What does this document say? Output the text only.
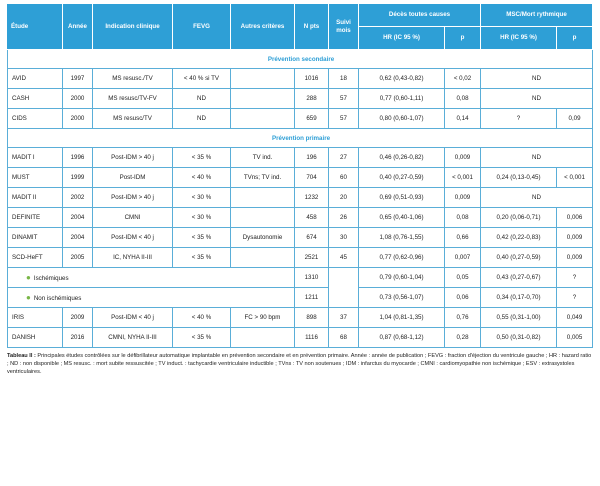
Étude	Année	Indication clinique	FEVG	Autres critères	N pts	Suivi mois	Décès toutes causes		MSC/Mort rythmique	
							HR (IC 95 %)	p	HR (IC 95 %)	p
Prévention secondaire										
AVID	1997	MS resusc./TV	< 40 % si TV		1016	18	0,62 (0,43-0,82)	< 0,02	ND	
CASH	2000	MS resusc/TV-FV	ND		288	57	0,77 (0,60-1,11)	0,08	ND	
CIDS	2000	MS resusc/TV	ND		659	57	0,80 (0,60-1,07)	0,14	?	0,09
Prévention primaire										
MADIT I	1996	Post-IDM > 40 j	< 35 %	TV ind.	196	27	0,46 (0,26-0,82)	0,009	ND	
MUST	1999	Post-IDM	< 40 %	TVns; TV ind.	704	60	0,40 (0,27-0,59)	< 0,001	0,24 (0,13-0,45)	< 0,001
MADIT II	2002	Post-IDM > 40 j	< 30 %		1232	20	0,69 (0,51-0,93)	0,009	ND	
DEFINITE	2004	CMNI	< 30 %		458	26	0,65 (0,40-1,06)	0,08	0,20 (0,06-0,71)	0,006
DINAMIT	2004	Post-IDM < 40 j	< 35 %	Dysautonomie	674	30	1,08 (0,76-1,55)	0,66	0,42 (0,22-0,83)	0,009
SCD-HeFT	2005	IC, NYHA II-III	< 35 %		2521	45	0,77 (0,62-0,96)	0,007	0,40 (0,27-0,59)	0,009
● Ischémiques					1310		0,79 (0,60-1,04)	0,05	0,43 (0,27-0,67)	?
● Non ischémiques					1211		0,73 (0,56-1,07)	0,06	0,34 (0,17-0,70)	?
IRIS	2009	Post-IDM < 40 j	< 40 %	FC > 90 bpm	898	37	1,04 (0,81-1,35)	0,76	0,55 (0,31-1,00)	0,049
DANISH	2016	CMNI, NYHA II-III	< 35 %		1116	68	0,87 (0,68-1,12)	0,28	0,50 (0,31-0,82)	0,005
Tableau II : Principales études contrôlées sur le défibrillateur automatique implantable en prévention secondaire et en prévention primaire. Année : année de publication ; FEVG : fraction d'éjection du ventricule gauche ; HR : hazard ratio ; ND : non disponible ; MS resusc. : mort subite ressuscitée ; TV induct. : tachycardie ventriculaire inductible ; TVns : TV non soutenues ; IDM : infarctus du myocarde ; CMNI : cardiomyopathie non ischémique ; ESV : extrasystoles ventriculaires.
